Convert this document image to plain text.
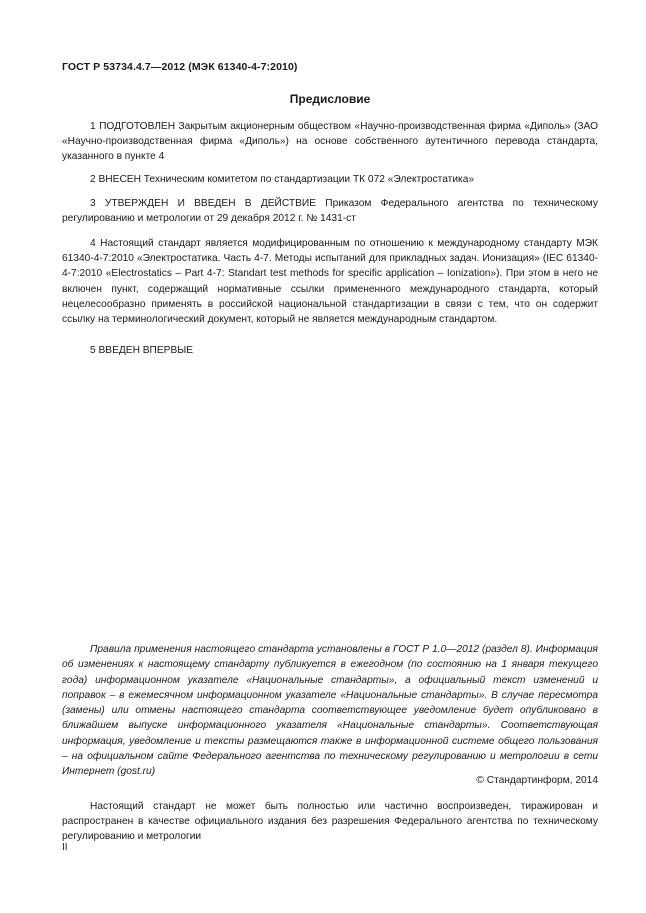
ГОСТ Р 53734.4.7—2012 (МЭК 61340-4-7:2010)
Предисловие
1 ПОДГОТОВЛЕН Закрытым акционерным обществом «Научно-производственная фирма «Диполь» (ЗАО «Научно-производственная фирма «Диполь») на основе собственного аутентичного перевода стандарта, указанного в пункте 4
2 ВНЕСЕН Техническим комитетом по стандартизации ТК 072 «Электростатика»
3 УТВЕРЖДЕН И ВВЕДЕН В ДЕЙСТВИЕ Приказом Федерального агентства по техническому регулированию и метрологии от 29 декабря 2012 г. № 1431-ст
4 Настоящий стандарт является модифицированным по отношению к международному стандарту МЭК 61340-4-7:2010 «Электростатика. Часть 4-7. Методы испытаний для прикладных задач. Ионизация» (IEC 61340-4-7:2010 «Electrostatics – Part 4-7: Standart test methods for specific application – Ionization»). При этом в него не включен пункт, содержащий нормативные ссылки примененного международного стандарта, который нецелесообразно применять в российской национальной стандартизации в связи с тем, что он содержит ссылку на терминологический документ, который не является международным стандартом.
5 ВВЕДЕН ВПЕРВЫЕ
Правила применения настоящего стандарта установлены в ГОСТ Р 1.0—2012 (раздел 8). Информация об изменениях к настоящему стандарту публикуется в ежегодном (по состоянию на 1 января текущего года) информационном указателе «Национальные стандарты», а официальный текст изменений и поправок – в ежемесячном информационном указателе «Национальные стандарты». В случае пересмотра (замены) или отмены настоящего стандарта соответствующее уведомление будет опубликовано в ближайшем выпуске информационного указателя «Национальные стандарты». Соответствующая информация, уведомление и тексты размещаются также в информационной системе общего пользования – на официальном сайте Федерального агентства по техническому регулированию и метрологии в сети Интернет (gost.ru)
© Стандартинформ, 2014
Настоящий стандарт не может быть полностью или частично воспроизведен, тиражирован и распространен в качестве официального издания без разрешения Федерального агентства по техническому регулированию и метрологии
II
